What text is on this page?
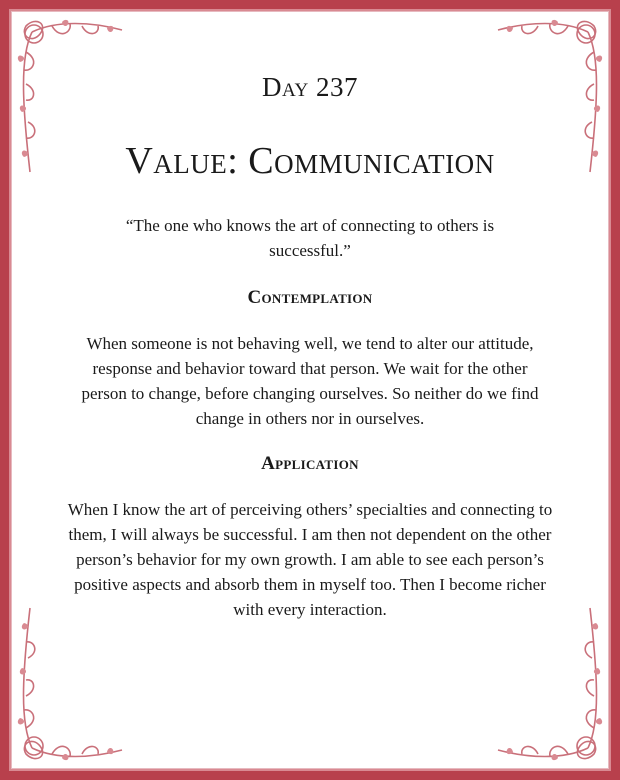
Day 237
Value: Communication
“The one who knows the art of connecting to others is successful.”
Contemplation
When someone is not behaving well, we tend to alter our attitude, response and behavior toward that person. We wait for the other person to change, before changing ourselves. So neither do we find change in others nor in ourselves.
Application
When I know the art of perceiving others’ specialties and connecting to them, I will always be successful. I am then not dependent on the other person’s behavior for my own growth. I am able to see each person’s positive aspects and absorb them in myself too. Then I become richer with every interaction.
